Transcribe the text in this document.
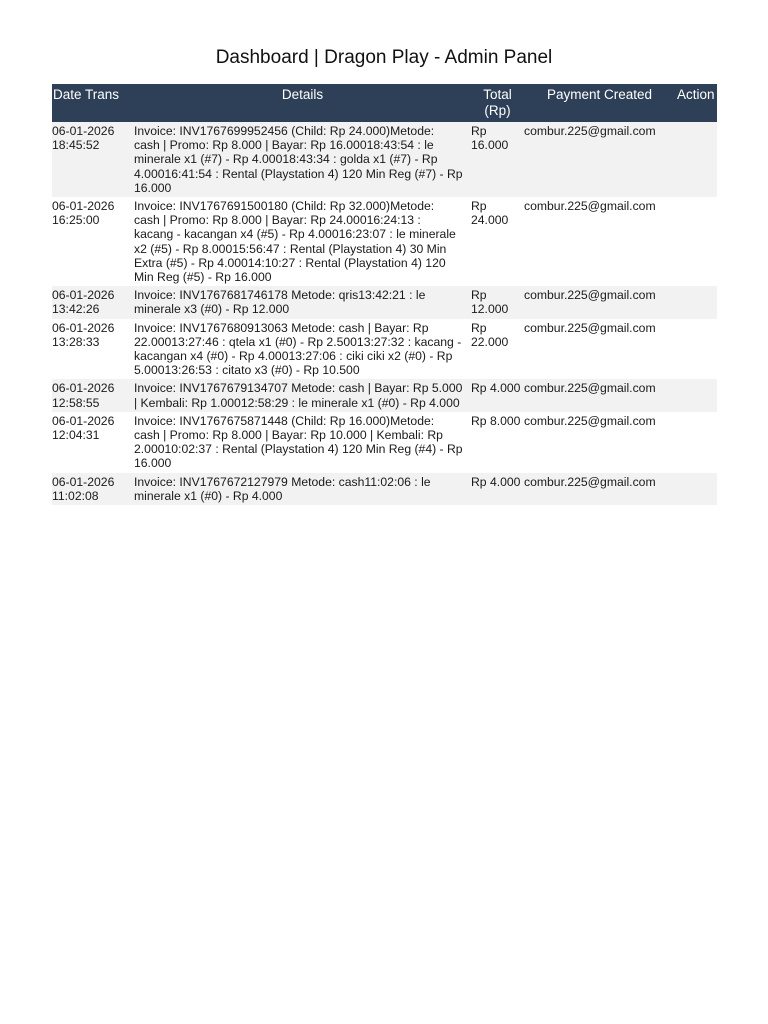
Dashboard | Dragon Play - Admin Panel
Date Trans	Details	Total (Rp)	Payment Created	Action
06-01-2026 18:45:52	Invoice: INV1767699952456 (Child: Rp 24.000)Metode: cash | Promo: Rp 8.000 | Bayar: Rp 16.00018:43:54 : le minerale x1 (#7) - Rp 4.00018:43:34 : golda x1 (#7) - Rp 4.00016:41:54 : Rental (Playstation 4) 120 Min Reg (#7) - Rp 16.000	Rp 16.000	combur.225@gmail.com	
06-01-2026 16:25:00	Invoice: INV1767691500180 (Child: Rp 32.000)Metode: cash | Promo: Rp 8.000 | Bayar: Rp 24.00016:24:13 : kacang - kacangan x4 (#5) - Rp 4.00016:23:07 : le minerale x2 (#5) - Rp 8.00015:56:47 : Rental (Playstation 4) 30 Min Extra (#5) - Rp 4.00014:10:27 : Rental (Playstation 4) 120 Min Reg (#5) - Rp 16.000	Rp 24.000	combur.225@gmail.com	
06-01-2026 13:42:26	Invoice: INV1767681746178 Metode: qris13:42:21 : le minerale x3 (#0) - Rp 12.000	Rp 12.000	combur.225@gmail.com	
06-01-2026 13:28:33	Invoice: INV1767680913063 Metode: cash | Bayar: Rp 22.00013:27:46 : qtela x1 (#0) - Rp 2.50013:27:32 : kacang - kacangan x4 (#0) - Rp 4.00013:27:06 : ciki ciki x2 (#0) - Rp 5.00013:26:53 : citato x3 (#0) - Rp 10.500	Rp 22.000	combur.225@gmail.com	
06-01-2026 12:58:55	Invoice: INV1767679134707 Metode: cash | Bayar: Rp 5.000 | Kembali: Rp 1.00012:58:29 : le minerale x1 (#0) - Rp 4.000	Rp 4.000	combur.225@gmail.com	
06-01-2026 12:04:31	Invoice: INV1767675871448 (Child: Rp 16.000)Metode: cash | Promo: Rp 8.000 | Bayar: Rp 10.000 | Kembali: Rp 2.00010:02:37 : Rental (Playstation 4) 120 Min Reg (#4) - Rp 16.000	Rp 8.000	combur.225@gmail.com	
06-01-2026 11:02:08	Invoice: INV1767672127979 Metode: cash11:02:06 : le minerale x1 (#0) - Rp 4.000	Rp 4.000	combur.225@gmail.com	
